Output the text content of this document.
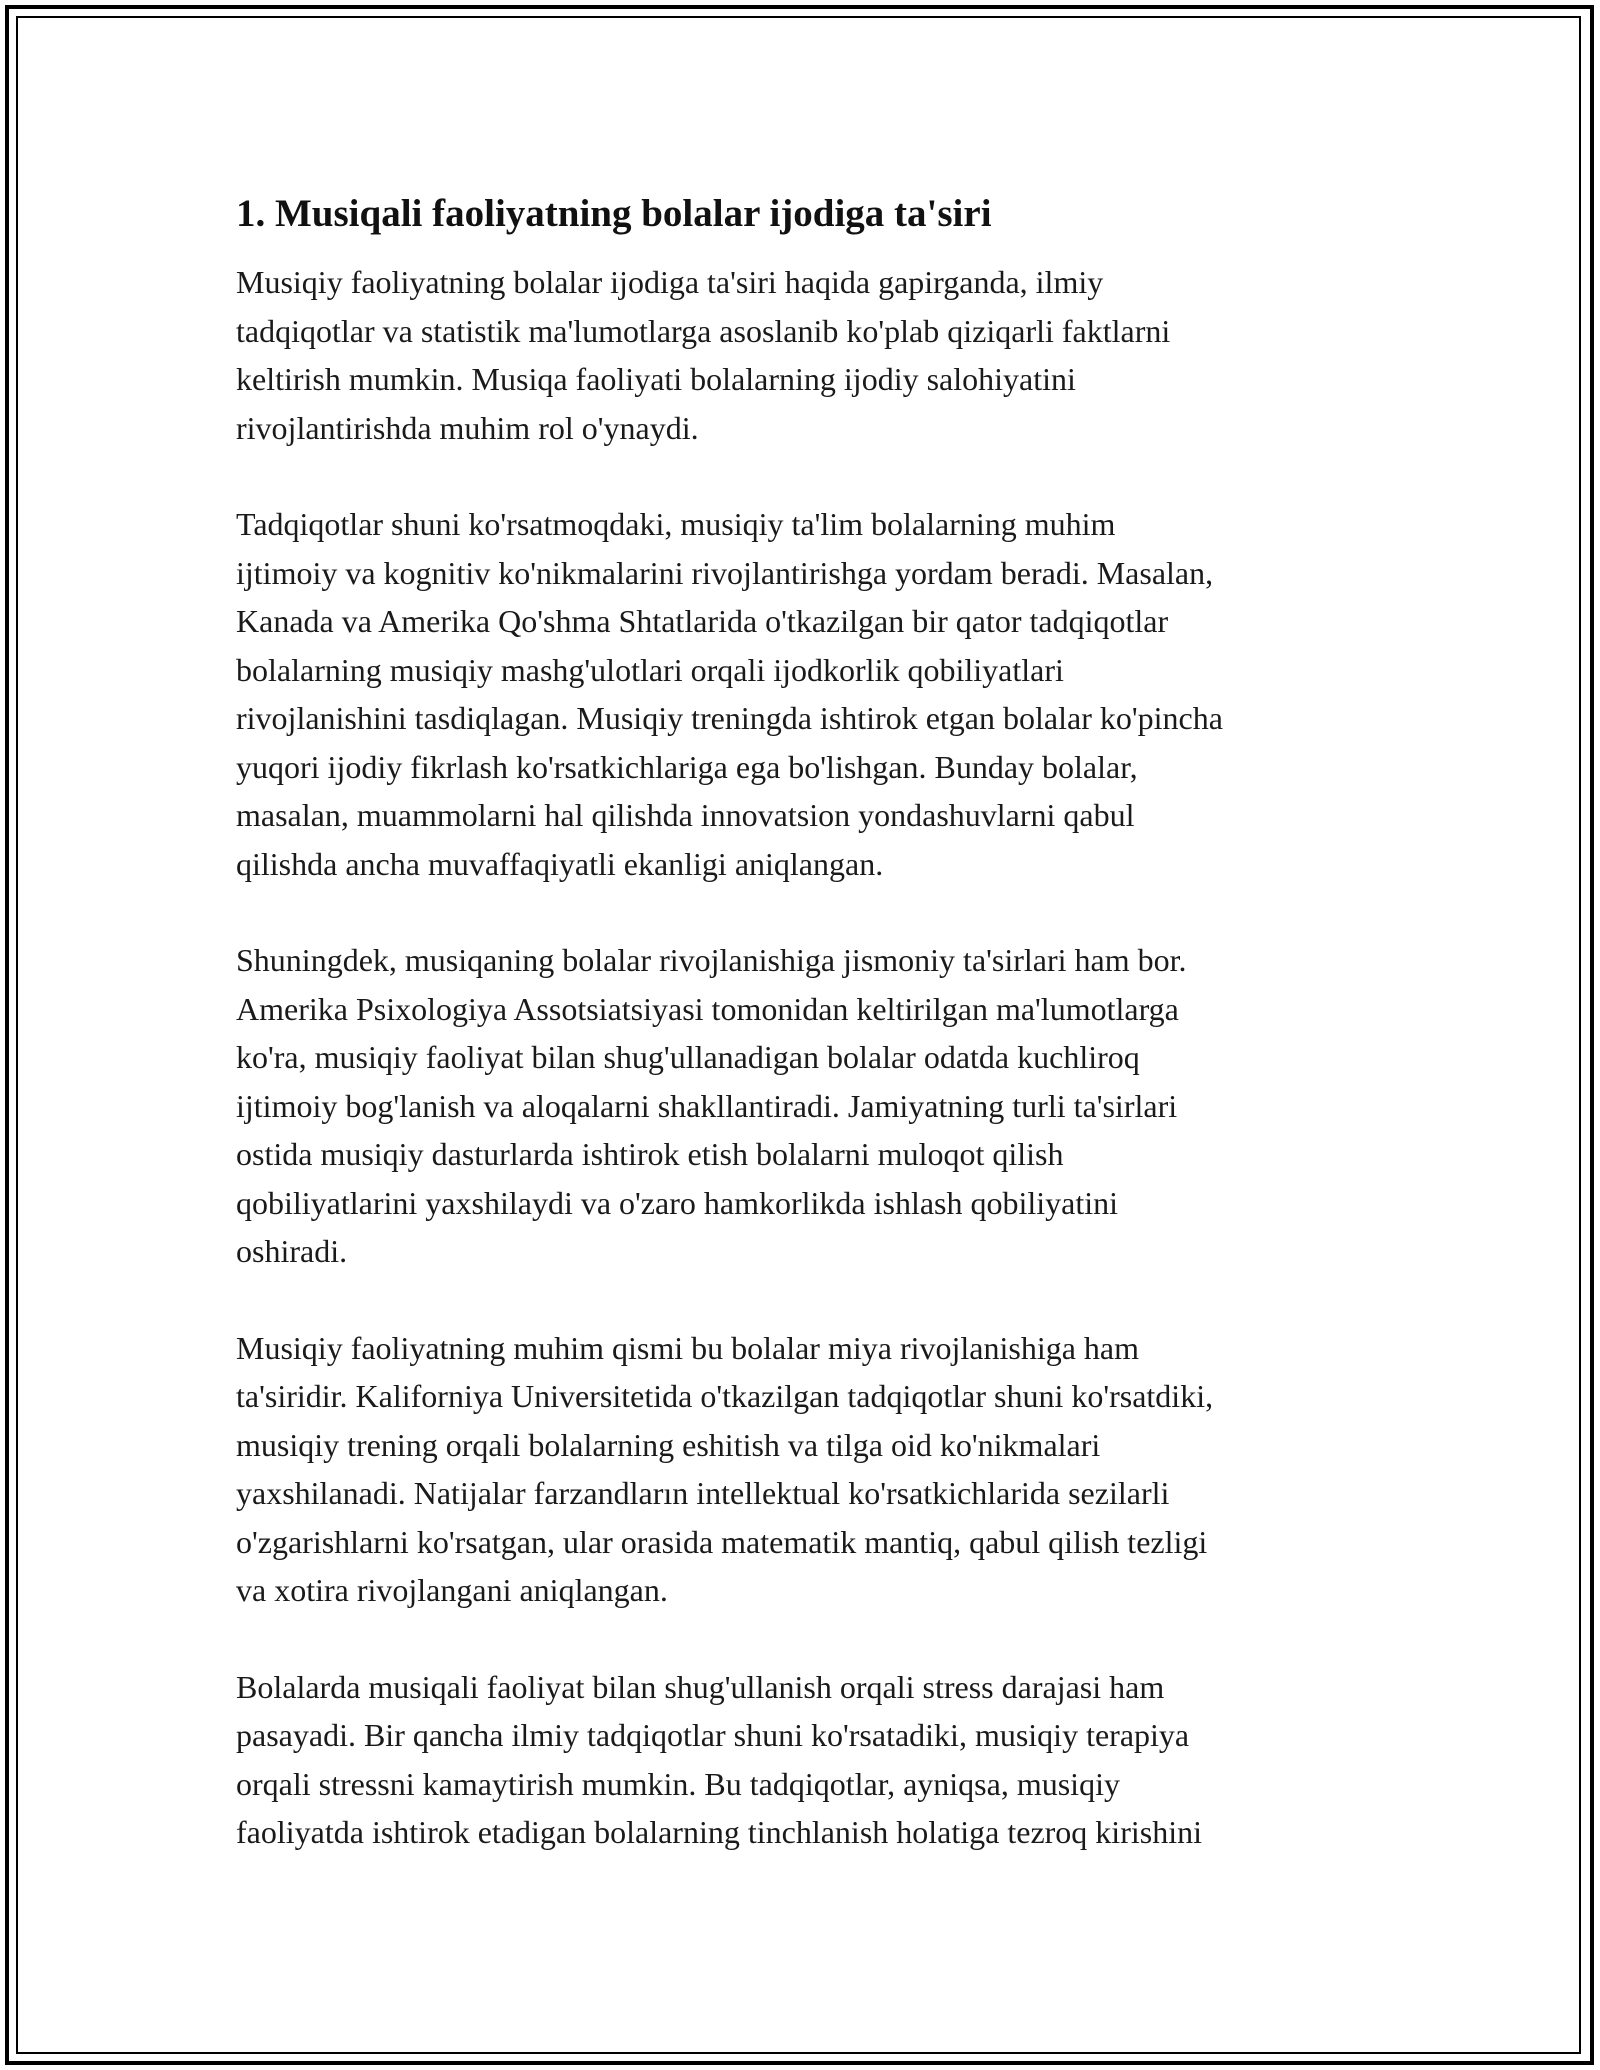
1. Musiqali faoliyatning bolalar ijodiga ta'siri

Musiqiy faoliyatning bolalar ijodiga ta'siri haqida gapirganda, ilmiy
tadqiqotlar va statistik ma'lumotlarga asoslanib ko'plab qiziqarli faktlarni
keltirish mumkin. Musiqa faoliyati bolalarning ijodiy salohiyatini
rivojlantirishda muhim rol o'ynaydi.

Tadqiqotlar shuni ko'rsatmoqdaki, musiqiy ta'lim bolalarning muhim
ijtimoiy va kognitiv ko'nikmalarini rivojlantirishga yordam beradi. Masalan,
Kanada va Amerika Qo'shma Shtatlarida o'tkazilgan bir qator tadqiqotlar
bolalarning musiqiy mashg'ulotlari orqali ijodkorlik qobiliyatlari
rivojlanishini tasdiqlagan. Musiqiy treningda ishtirok etgan bolalar ko'pincha
yuqori ijodiy fikrlash ko'rsatkichlariga ega bo'lishgan. Bunday bolalar,
masalan, muammolarni hal qilishda innovatsion yondashuvlarni qabul
qilishda ancha muvaffaqiyatli ekanligi aniqlangan.

Shuningdek, musiqaning bolalar rivojlanishiga jismoniy ta'sirlari ham bor.
Amerika Psixologiya Assotsiatsiyasi tomonidan keltirilgan ma'lumotlarga
ko'ra, musiqiy faoliyat bilan shug'ullanadigan bolalar odatda kuchliroq
ijtimoiy bog'lanish va aloqalarni shakllantiradi. Jamiyatning turli ta'sirlari
ostida musiqiy dasturlarda ishtirok etish bolalarni muloqot qilish
qobiliyatlarini yaxshilaydi va o'zaro hamkorlikda ishlash qobiliyatini
oshiradi.

Musiqiy faoliyatning muhim qismi bu bolalar miya rivojlanishiga ham
ta'siridir. Kaliforniya Universitetida o'tkazilgan tadqiqotlar shuni ko'rsatdiki,
musiqiy trening orqali bolalarning eshitish va tilga oid ko'nikmalari
yaxshilanadi. Natijalar farzandların intellektual ko'rsatkichlarida sezilarli
o'zgarishlarni ko'rsatgan, ular orasida matematik mantiq, qabul qilish tezligi
va xotira rivojlangani aniqlangan.

Bolalarda musiqali faoliyat bilan shug'ullanish orqali stress darajasi ham
pasayadi. Bir qancha ilmiy tadqiqotlar shuni ko'rsatadiki, musiqiy terapiya
orqali stressni kamaytirish mumkin. Bu tadqiqotlar, ayniqsa, musiqiy
faoliyatda ishtirok etadigan bolalarning tinchlanish holatiga tezroq kirishini
